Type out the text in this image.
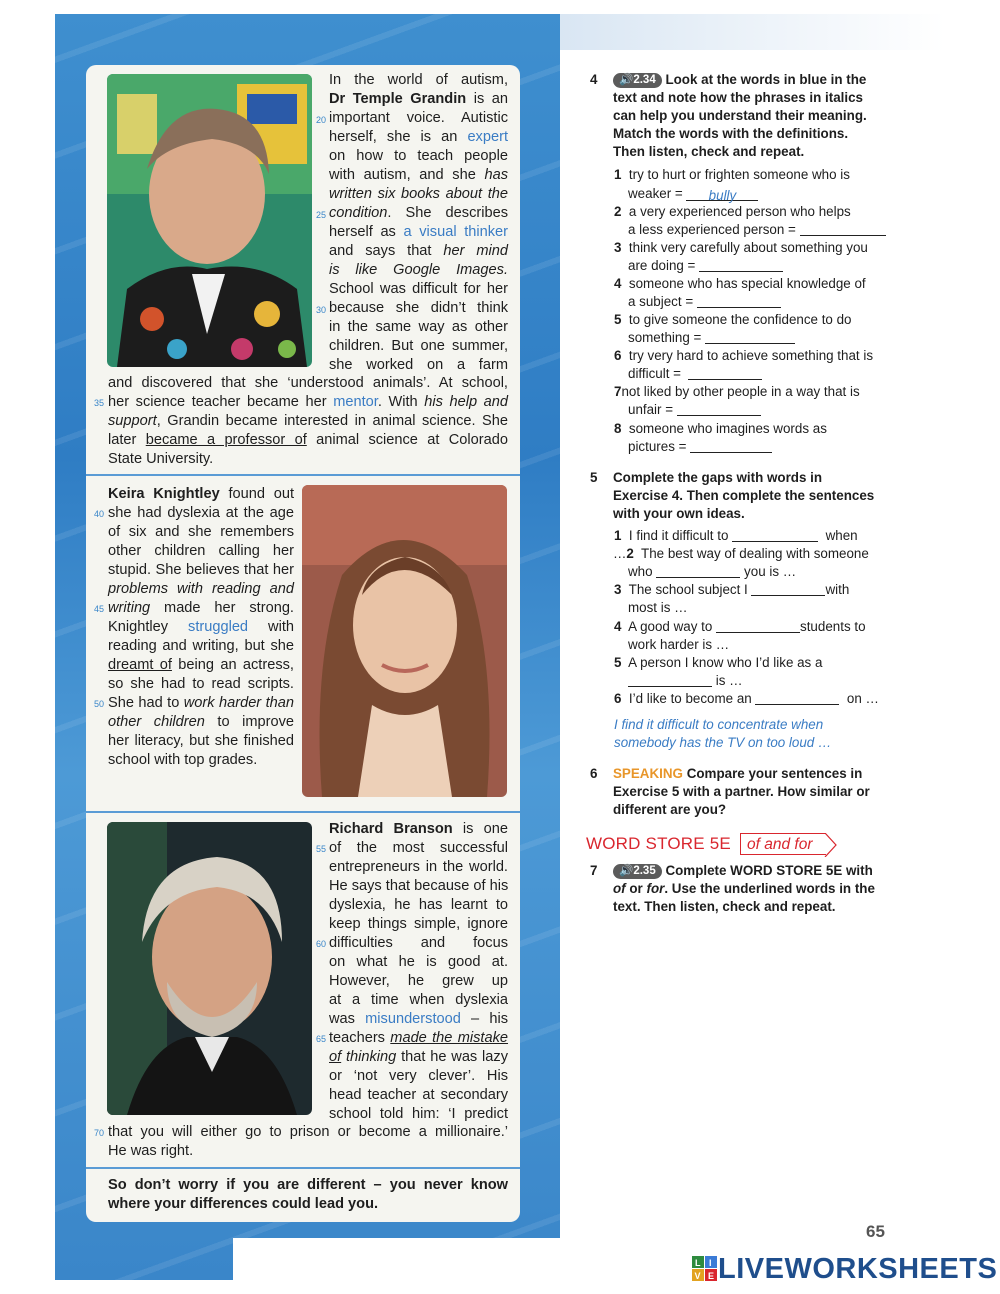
In the world of autism,
Dr Temple Grandin is an
important voice. Autistic
herself, she is an expert
on how to teach people
with autism, and she has
written six books about the
condition. She describes
herself as a visual thinker
and says that her mind
is like Google Images.
School was difficult for her
because she didn’t think
in the same way as other
children. But one summer,
she worked on a farm
and discovered that she ‘understood animals’. At school,
her science teacher became her mentor. With his help and
support, Grandin became interested in animal science. She
later became a professor of animal science at Colorado
State University.
20
25
30
35
Keira Knightley found out
she had dyslexia at the age
of six and she remembers
other children calling her
stupid. She believes that her
problems with reading and
writing made her strong.
Knightley struggled with
reading and writing, but she
dreamt of being an actress,
so she had to read scripts.
She had to work harder than
other children to improve
her literacy, but she finished
school with top grades.
40
45
50
Richard Branson is one
of the most successful
entrepreneurs in the world.
He says that because of his
dyslexia, he has learnt to
keep things simple, ignore
difficulties and focus
on what he is good at.
However, he grew up
at a time when dyslexia
was misunderstood – his
teachers made the mistake
of thinking that he was lazy
or ‘not very clever’. His
head teacher at secondary
school told him: ‘I predict
that you will either go to prison or become a millionaire.’
He was right.
55
60
65
70
So don’t worry if you are different – you never know
where your differences could lead you.
4	🔊2.34 Look at the words in blue in the
text and note how the phrases in italics
can help you understand their meaning.
Match the words with the definitions.
Then listen, check and repeat.
1 try to hurt or frighten someone who is
weaker = bully
2 a very experienced person who helps
a less experienced person =
3 think very carefully about something you
are doing =
4 someone who has special knowledge of
a subject =
5 to give someone the confidence to do
something =
6 try very hard to achieve something that is
difficult =
7not liked by other people in a way that is
unfair =
8 someone who imagines words as
pictures =
5 Complete the gaps with words in
Exercise 4. Then complete the sentences
with your own ideas.
1 I find it difficult to	when
…2 The best way of dealing with someone
who	you is …
3 The school subject I	with
most is …
4 A good way to	students to
work harder is …
5 A person I know who I’d like as a
is …
6 I’d like to become an	on …
I find it difficult to concentrate when
somebody has the TV on too loud …
6 SPEAKING Compare your sentences in
Exercise 5 with a partner. How similar or
different are you?
WORD STORE 5E	of and for
7	🔊2.35 Complete WORD STORE 5E with
of or for. Use the underlined words in the
text. Then listen, check and repeat.
65
L I
V E LIVEWORKSHEETS
